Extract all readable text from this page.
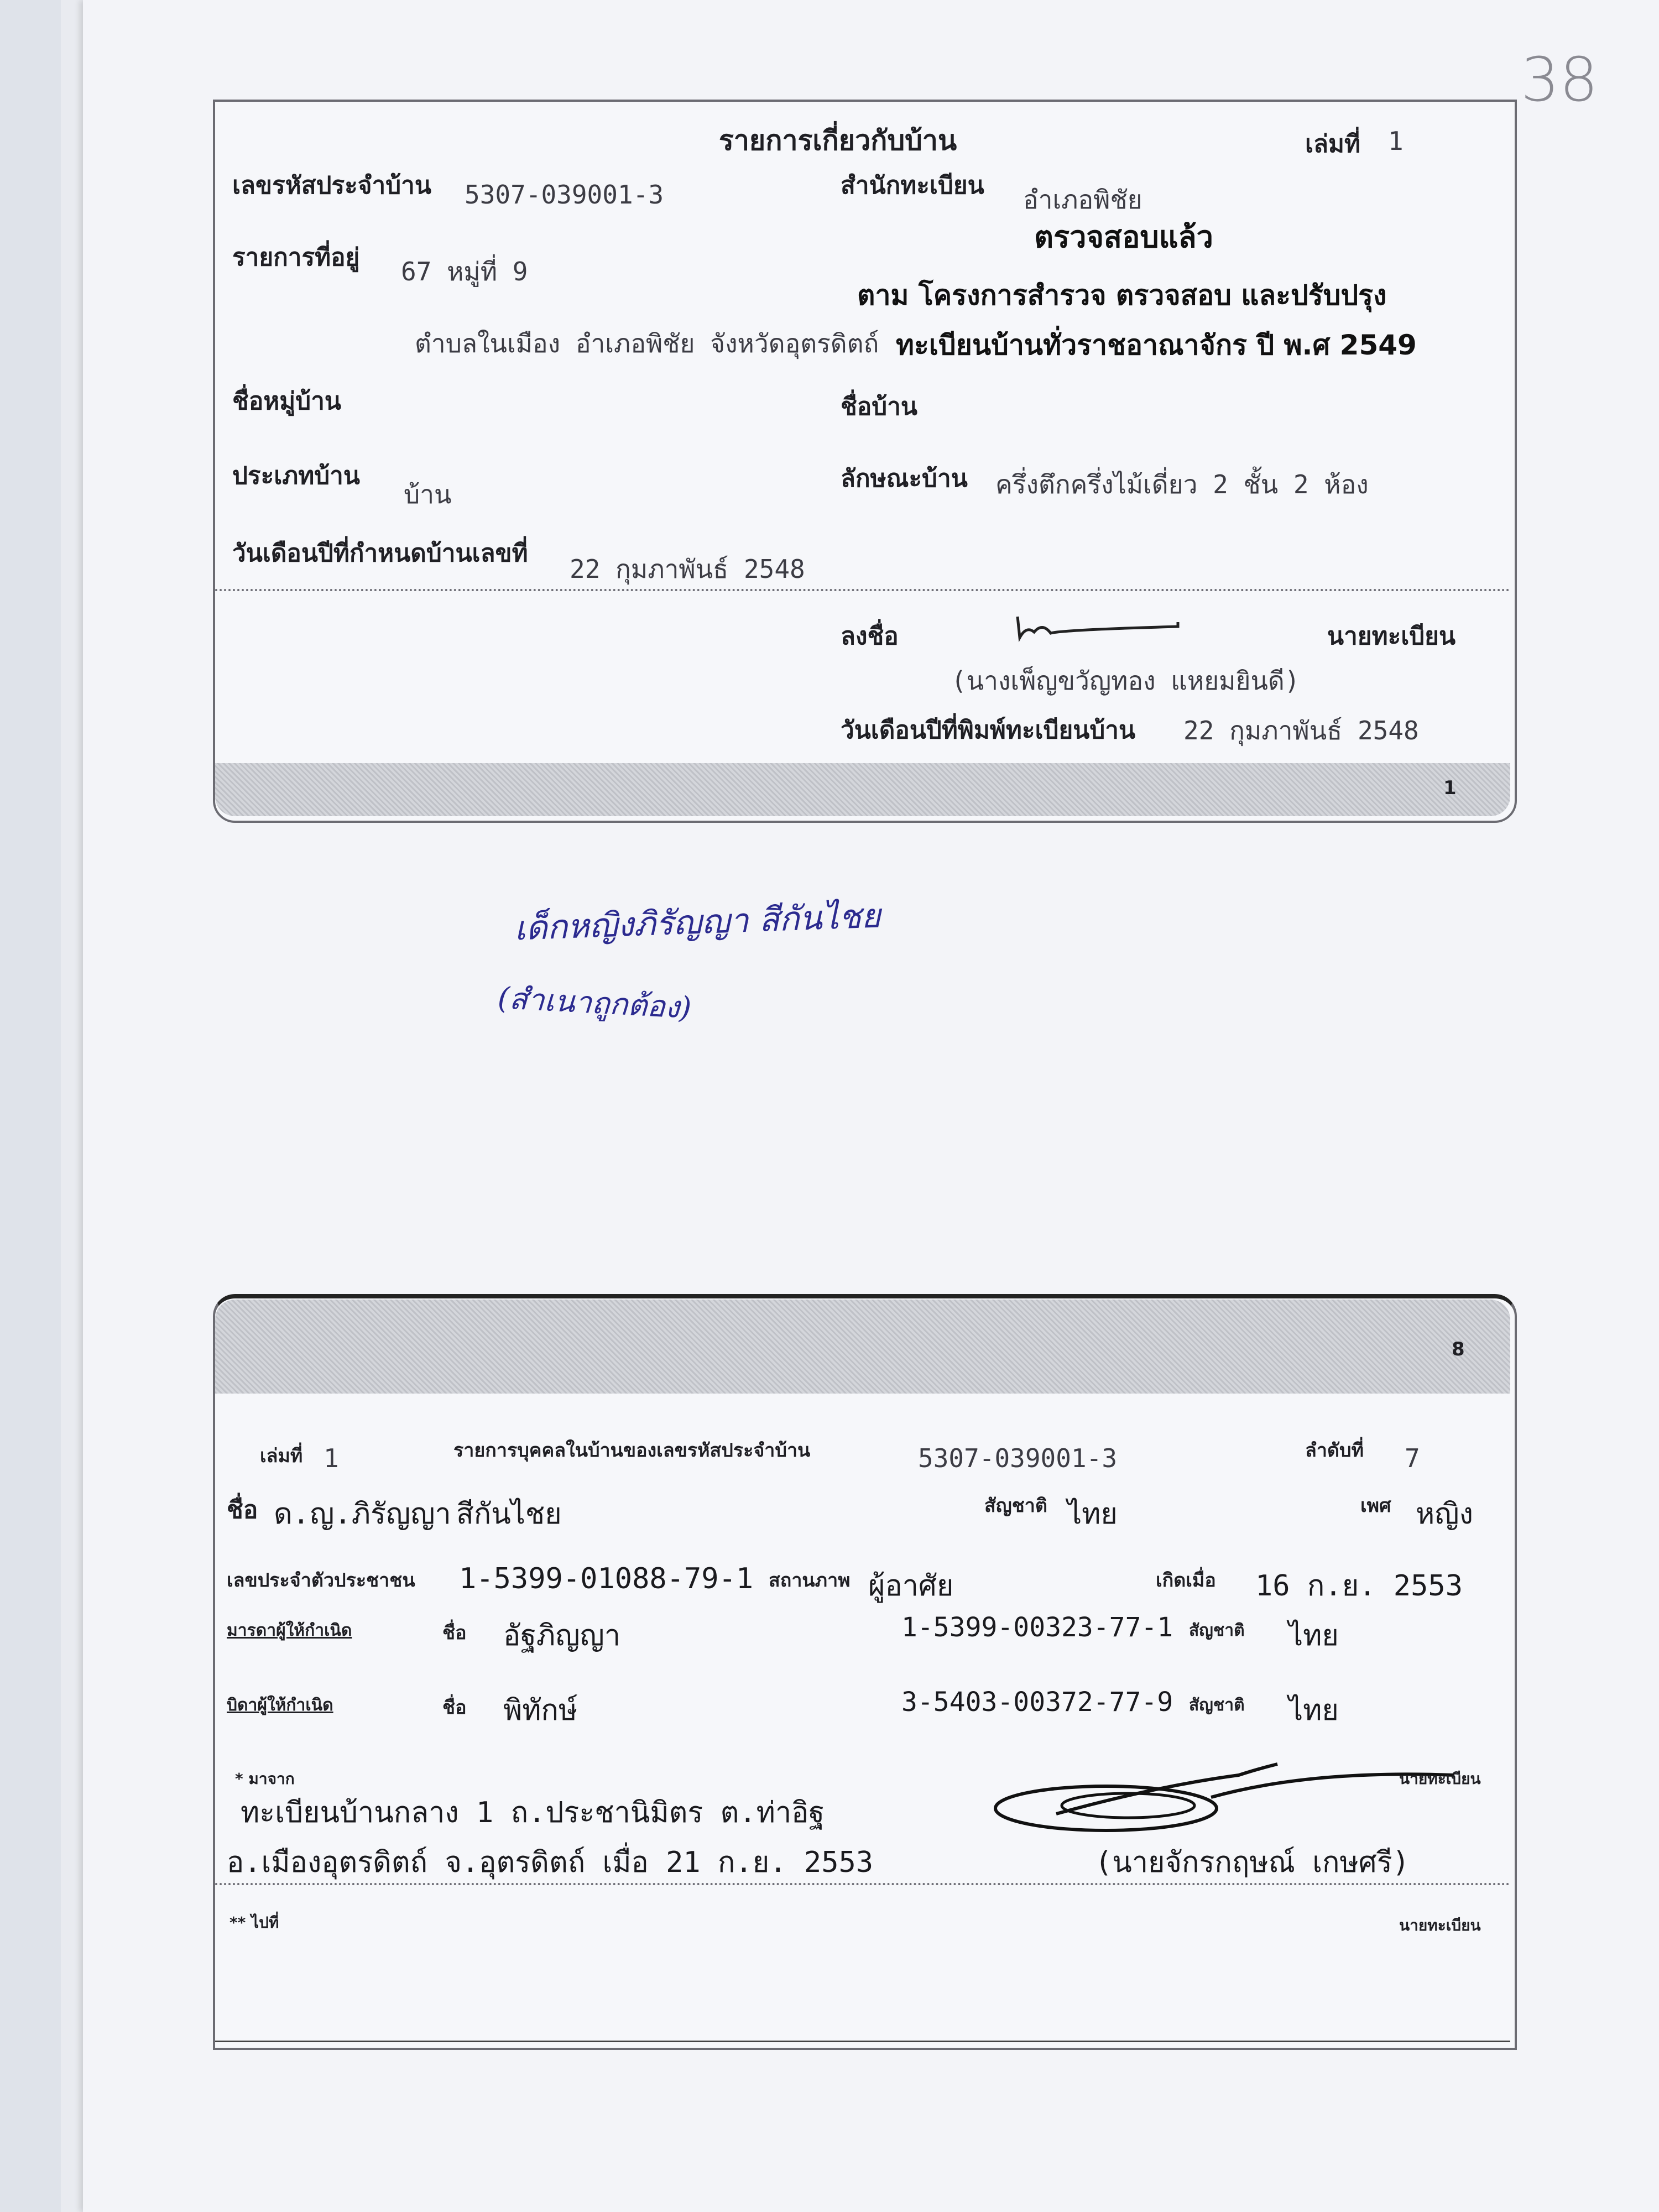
38
รายการเกี่ยวกับบ้าน	เล่มที่ 1
เลขรหัสประจำบ้าน 5307-039001-3	สำนักทะเบียน อำเภอพิชัย
รายการที่อยู่ 67 หมู่ที่ 9
ตำบลในเมือง อำเภอพิชัย จังหวัดอุตรดิตถ์
ตรวจสอบแล้ว
ตาม โครงการสำรวจ ตรวจสอบ และปรับปรุง
ทะเบียนบ้านทั่วราชอาณาจักร ปี พ.ศ 2549
ชื่อหมู่บ้าน	ชื่อบ้าน
ประเภทบ้าน
บ้าน
ลักษณะบ้าน ครึ่งตึกครึ่งไม้เดี่ยว 2 ชั้น 2 ห้อง
วันเดือนปีที่กำหนดบ้านเลขที่
22 กุมภาพันธ์ 2548
ลงชื่อ	นายทะเบียน
(นางเพ็ญขวัญทอง แหยมยินดี)
วันเดือนปีที่พิมพ์ทะเบียนบ้าน 22 กุมภาพันธ์ 2548
1
เด็กหญิงภิรัญญา สีกันไชย
(สำเนาถูกต้อง)
8
เล่มที่ 1	รายการบุคคลในบ้านของเลขรหัสประจำบ้าน	5307-039001-3	ลำดับที่ 7
ชื่อ ด.ญ.ภิรัญญา สีกันไชย	สัญชาติ ไทย	เพศ หญิง
เลขประจำตัวประชาชน 1-5399-01088-79-1 สถานภาพ ผู้อาศัย	เกิดเมื่อ 16 ก.ย. 2553
มารดาผู้ให้กำเนิด	ชื่อ อัฐภิญญา	1-5399-00323-77-1 สัญชาติ ไทย
บิดาผู้ให้กำเนิด	ชื่อ พิทักษ์	3-5403-00372-77-9 สัญชาติ ไทย
* มาจาก
ทะเบียนบ้านกลาง 1 ถ.ประชานิมิตร ต.ท่าอิฐ
อ.เมืองอุตรดิตถ์ จ.อุตรดิตถ์ เมื่อ 21 ก.ย. 2553
นายทะเบียน
(นายจักรกฤษณ์ เกษศรี)
** ไปที่	นายทะเบียน
